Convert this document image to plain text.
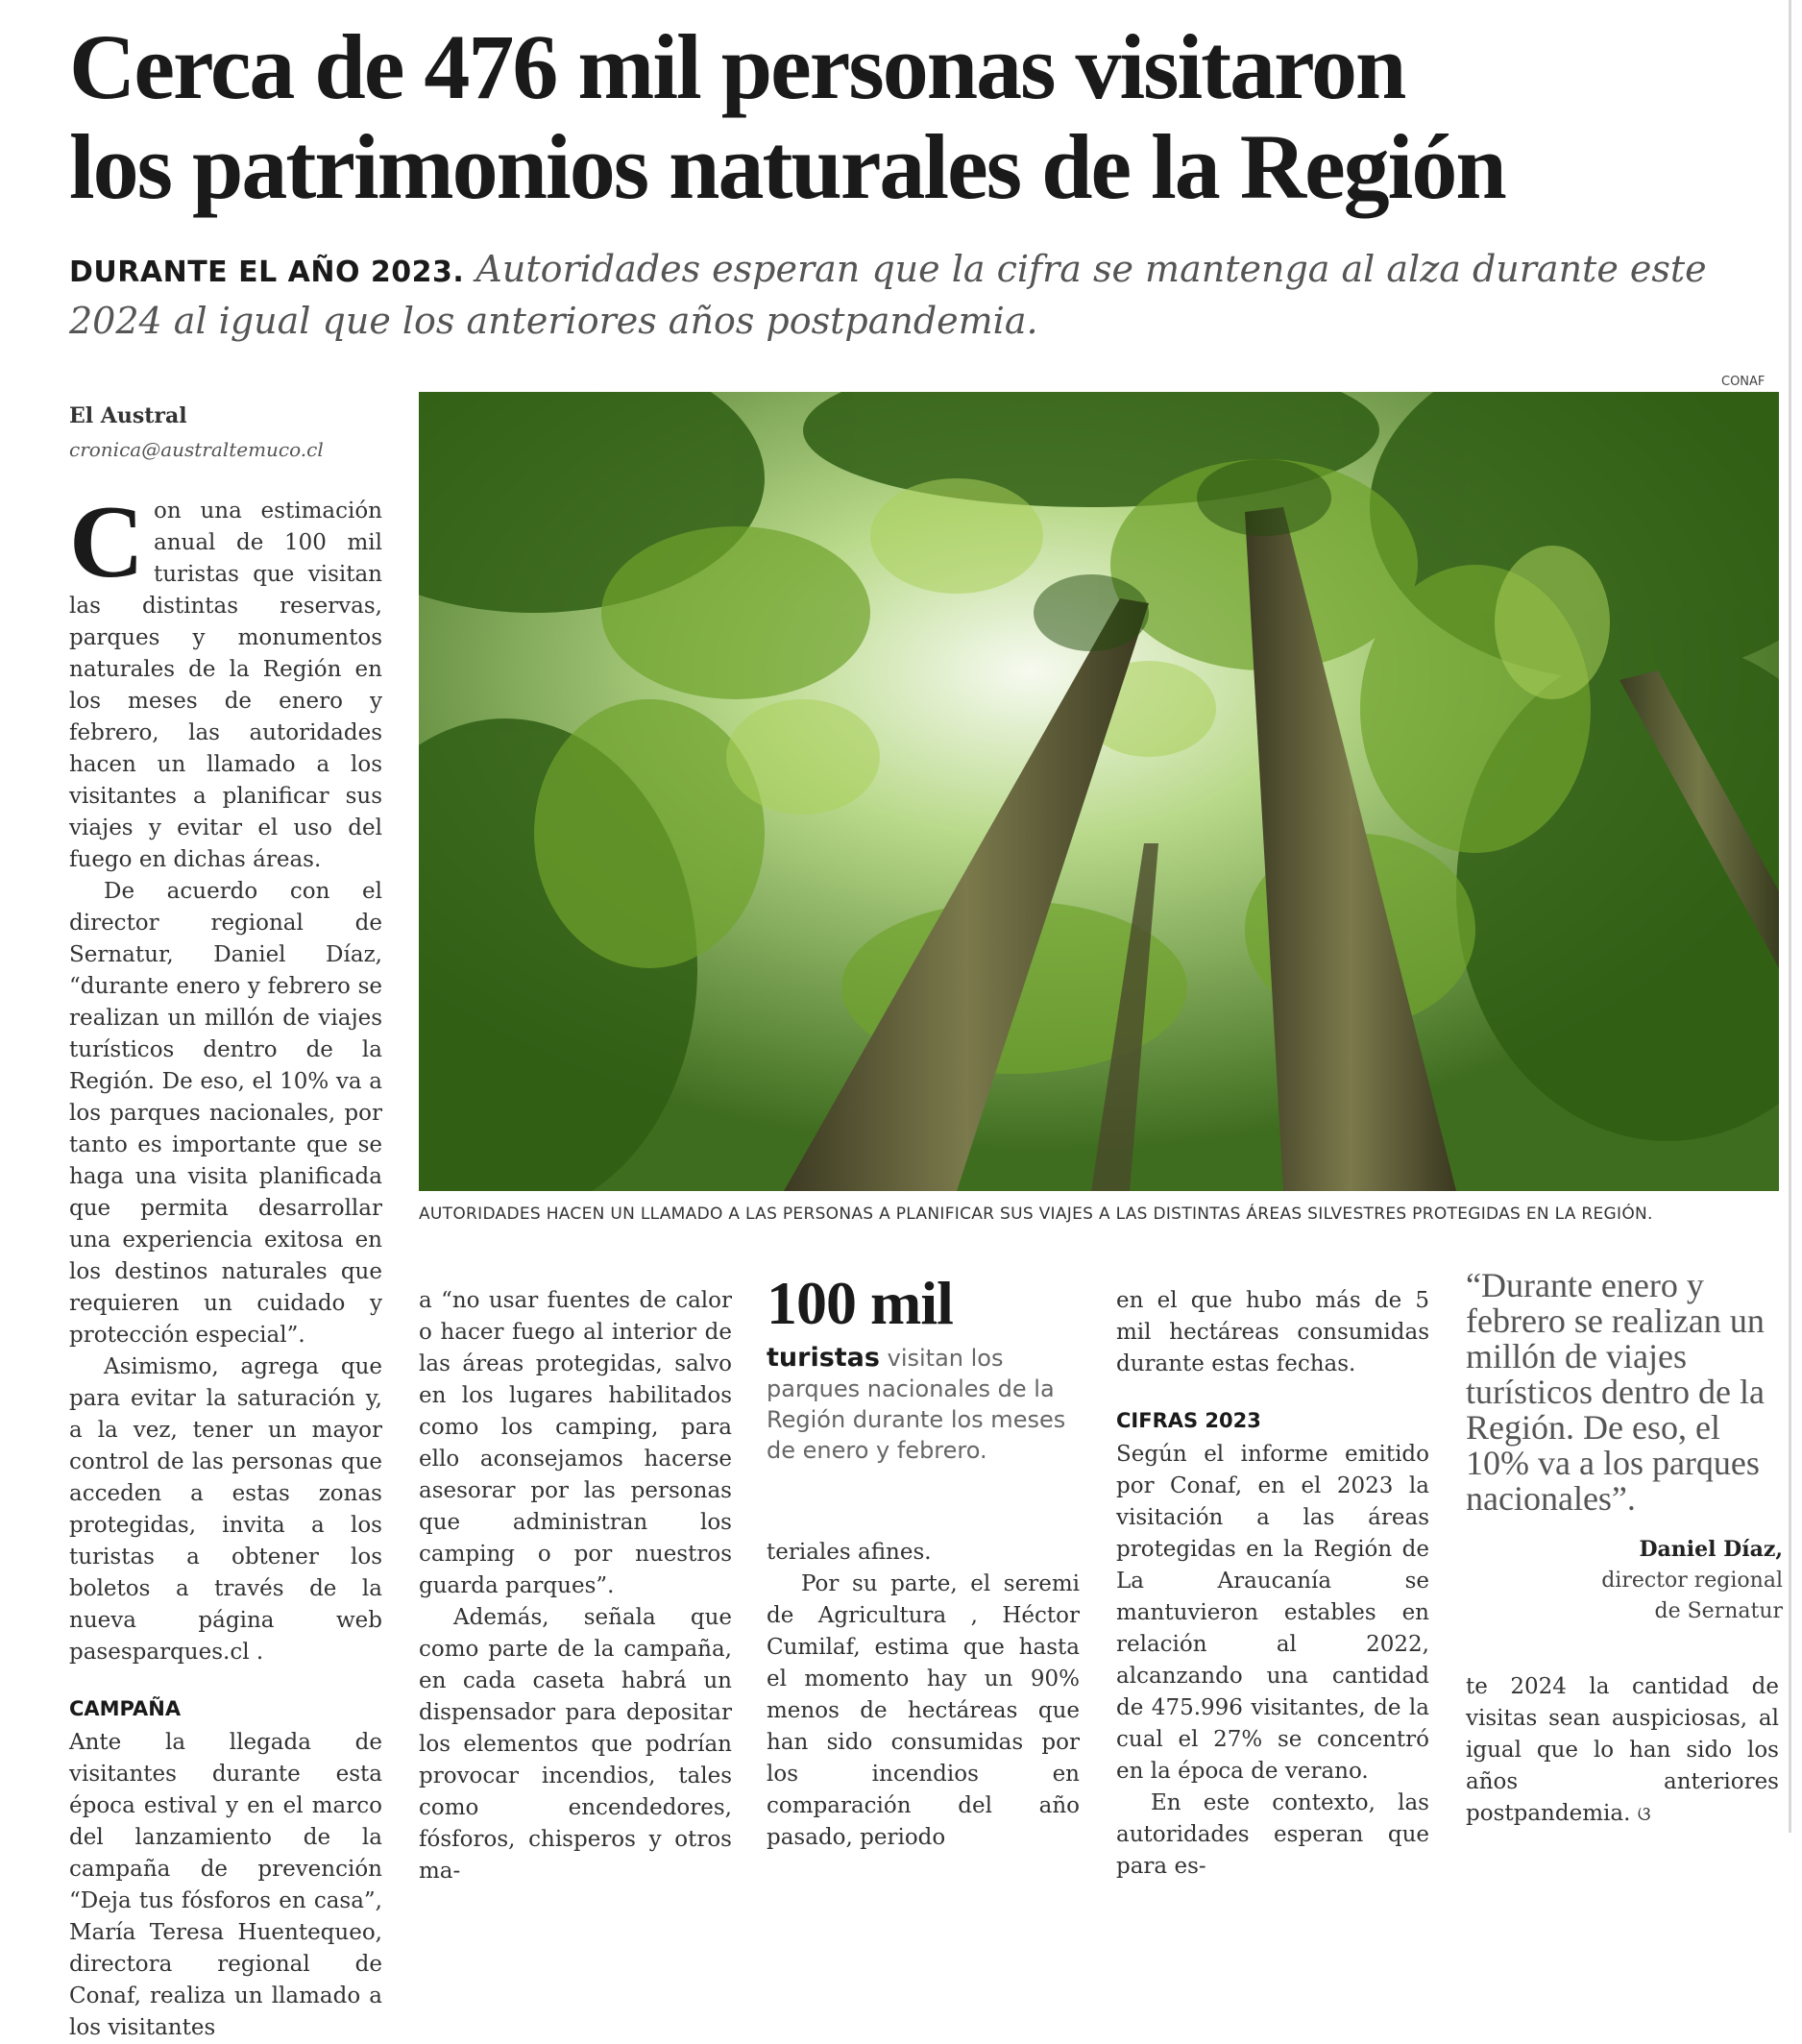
Cerca de 476 mil personas visitaron
los patrimonios naturales de la Región
DURANTE EL AÑO 2023. Autoridades esperan que la cifra se mantenga al alza durante este 2024 al igual que los anteriores años postpandemia.
El Austral
cronica@australtemuco.cl
CONAF
AUTORIDADES HACEN UN LLAMADO A LAS PERSONAS A PLANIFICAR SUS VIAJES A LAS DISTINTAS ÁREAS SILVESTRES PROTEGIDAS EN LA REGIÓN.

Con una estimación anual de 100 mil turistas que visitan las distintas reservas, parques y monumentos naturales de la Región en los meses de enero y febrero, las autoridades hacen un llamado a los visitantes a planificar sus viajes y evitar el uso del fuego en dichas áreas.

De acuerdo con el director regional de Sernatur, Daniel Díaz, “durante enero y febrero se realizan un millón de viajes turísticos dentro de la Región. De eso, el 10% va a los parques nacionales, por tanto es importante que se haga una visita planificada que permita desarrollar una experiencia exitosa en los destinos naturales que requieren un cuidado y protección especial”.

Asimismo, agrega que para evitar la saturación y, a la vez, tener un mayor control de las personas que acceden a estas zonas protegidas, invita a los turistas a obtener los boletos a través de la nueva página web pasesparques.cl .

CAMPAÑA

Ante la llegada de visitantes durante esta época estival y en el marco del lanzamiento de la campaña de prevención “Deja tus fósforos en casa”, María Teresa Huentequeo, directora regional de Conaf, realiza un llamado a los visitantes

a “no usar fuentes de calor o hacer fuego al interior de las áreas protegidas, salvo en los lugares habilitados como los camping, para ello aconsejamos hacerse asesorar por las personas que administran los camping o por nuestros guarda parques”.

Además, señala que como parte de la campaña, en cada caseta habrá un dispensador para depositar los elementos que podrían provocar incendios, tales como encendedores, fósforos, chisperos y otros ma-

100 mil
turistas visitan los parques nacionales de la Región durante los meses de enero y febrero.

teriales afines.

Por su parte, el seremi de Agricultura , Héctor Cumilaf, estima que hasta el momento hay un 90% menos de hectáreas que han sido consumidas por los incendios en comparación del año pasado, periodo

en el que hubo más de 5 mil hectáreas consumidas durante estas fechas.

CIFRAS 2023

Según el informe emitido por Conaf, en el 2023 la visitación a las áreas protegidas en la Región de La Araucanía se mantuvieron estables en relación al 2022, alcanzando una cantidad de 475.996 visitantes, de la cual el 27% se concentró en la época de verano.

En este contexto, las autoridades esperan que para es-

“Durante enero y febrero se realizan un millón de viajes turísticos dentro de la Región. De eso, el 10% va a los parques nacionales”.
Daniel Díaz,
director regional
de Sernatur

te 2024 la cantidad de visitas sean auspiciosas, al igual que lo han sido los años anteriores postpandemia. ଓ
